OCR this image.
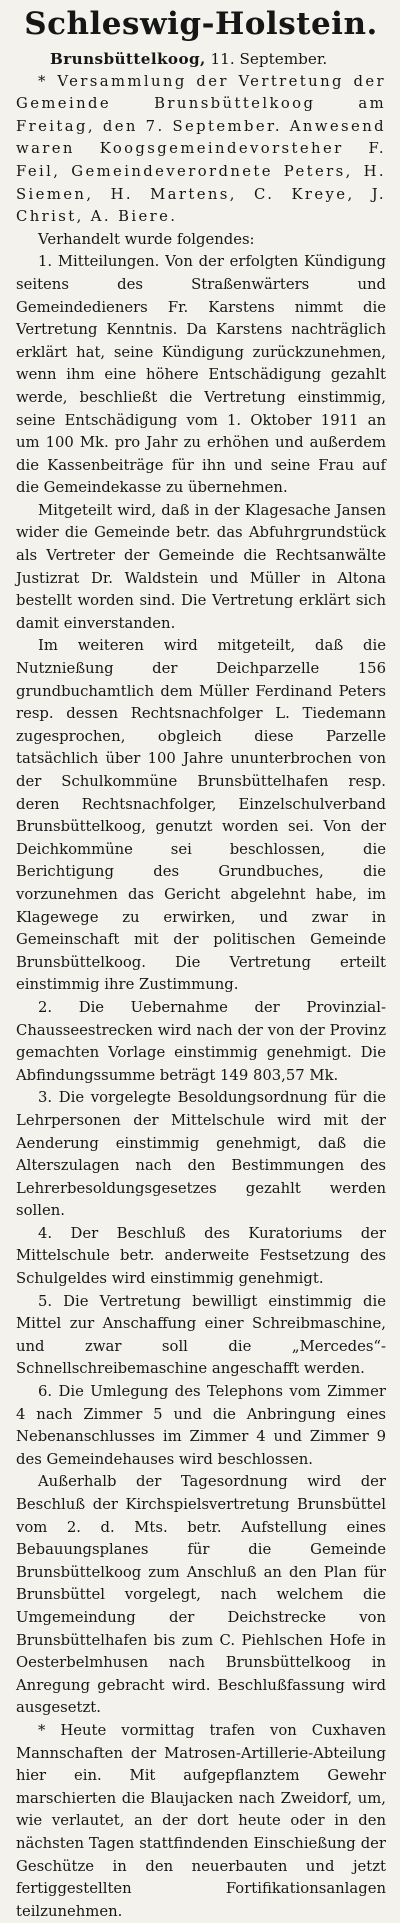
Schleswig-Holstein.
Brunsbüttelkoog, 11. September.

* Versammlung der Vertretung der Gemeinde Brunsbüttelkoog am Freitag, den 7. September. Anwesend waren Koogsgemeindevorsteher F. Feil, Gemeindeverordnete Peters, H. Siemen, H. Martens, C. Kreye, J. Christ, A. Biere.

Verhandelt wurde folgendes:

1. Mitteilungen. Von der erfolgten Kündigung seitens des Straßenwärters und Gemeindedieners Fr. Karstens nimmt die Vertretung Kenntnis. Da Karstens nachträglich erklärt hat, seine Kündigung zurückzunehmen, wenn ihm eine höhere Entschädigung gezahlt werde, beschließt die Vertretung einstimmig, seine Entschädigung vom 1. Oktober 1911 an um 100 Mk. pro Jahr zu erhöhen und außerdem die Kassenbeiträge für ihn und seine Frau auf die Gemeindekasse zu übernehmen.

Mitgeteilt wird, daß in der Klagesache Jansen wider die Gemeinde betr. das Abfuhrgrundstück als Vertreter der Gemeinde die Rechtsanwälte Justizrat Dr. Waldstein und Müller in Altona bestellt worden sind. Die Vertretung erklärt sich damit einverstanden.

Im weiteren wird mitgeteilt, daß die Nutznießung der Deichparzelle 156 grundbuchamtlich dem Müller Ferdinand Peters resp. dessen Rechtsnachfolger L. Tiedemann zugesprochen, obgleich diese Parzelle tatsächlich über 100 Jahre ununterbrochen von der Schulkommüne Brunsbüttelhafen resp. deren Rechtsnachfolger, Einzelschulverband Brunsbüttelkoog, genutzt worden sei. Von der Deichkommüne sei beschlossen, die Berichtigung des Grundbuches, die vorzunehmen das Gericht abgelehnt habe, im Klagewege zu erwirken, und zwar in Gemeinschaft mit der politischen Gemeinde Brunsbüttelkoog. Die Vertretung erteilt einstimmig ihre Zustimmung.

2. Die Uebernahme der Provinzial-Chausseestrecken wird nach der von der Provinz gemachten Vorlage einstimmig genehmigt. Die Abfindungssumme beträgt 149 803,57 Mk.

3. Die vorgelegte Besoldungsordnung für die Lehrpersonen der Mittelschule wird mit der Aenderung einstimmig genehmigt, daß die Alterszulagen nach den Bestimmungen des Lehrerbesoldungsgesetzes gezahlt werden sollen.

4. Der Beschluß des Kuratoriums der Mittelschule betr. anderweite Festsetzung des Schulgeldes wird einstimmig genehmigt.

5. Die Vertretung bewilligt einstimmig die Mittel zur Anschaffung einer Schreibmaschine, und zwar soll die „Mercedes“-Schnellschreibemaschine angeschafft werden.

6. Die Umlegung des Telephons vom Zimmer 4 nach Zimmer 5 und die Anbringung eines Nebenanschlusses im Zimmer 4 und Zimmer 9 des Gemeindehauses wird beschlossen.

Außerhalb der Tagesordnung wird der Beschluß der Kirchspielsvertretung Brunsbüttel vom 2. d. Mts. betr. Aufstellung eines Bebauungsplanes für die Gemeinde Brunsbüttelkoog zum Anschluß an den Plan für Brunsbüttel vorgelegt, nach welchem die Umgemeindung der Deichstrecke von Brunsbüttelhafen bis zum C. Piehlschen Hofe in Oesterbelmhusen nach Brunsbüttelkoog in Anregung gebracht wird. Beschlußfassung wird ausgesetzt.

* Heute vormittag trafen von Cuxhaven Mannschaften der Matrosen-Artillerie-Abteilung hier ein. Mit aufgepflanztem Gewehr marschierten die Blaujacken nach Zweidorf, um, wie verlautet, an der dort heute oder in den nächsten Tagen stattfindenden Einschießung der Geschütze in den neuerbauten und jetzt fertiggestellten Fortifikationsanlagen teilzunehmen.
